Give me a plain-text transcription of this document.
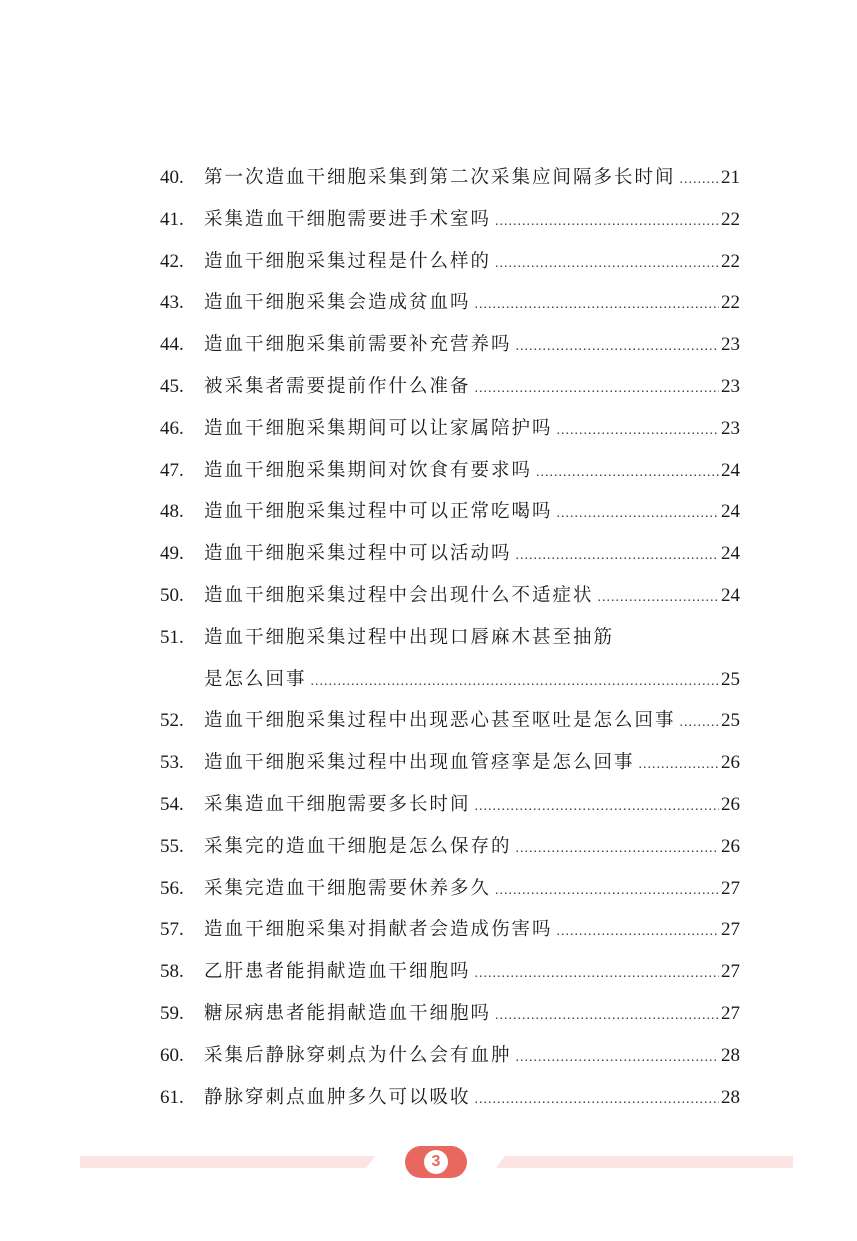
40.	第一次造血干细胞采集到第二次采集应间隔多长时间 ..... 21
41.	采集造血干细胞需要进手术室吗 .....	22
42.	造血干细胞采集过程是什么样的 .....	22
43.	造血干细胞采集会造成贫血吗 .....	22
44.	造血干细胞采集前需要补充营养吗 .....	23
45.	被采集者需要提前作什么准备 .....	23
46.	造血干细胞采集期间可以让家属陪护吗 .....	23
47.	造血干细胞采集期间对饮食有要求吗 .....	24
48.	造血干细胞采集过程中可以正常吃喝吗 .....	24
49.	造血干细胞采集过程中可以活动吗 .....	24
50.	造血干细胞采集过程中会出现什么不适症状 .....	24
51.	造血干细胞采集过程中出现口唇麻木甚至抽筋
是怎么回事 .....	25
52.	造血干细胞采集过程中出现恶心甚至呕吐是怎么回事 ..... 25
53.	造血干细胞采集过程中出现血管痉挛是怎么回事 .....	26
54.	采集造血干细胞需要多长时间 .....	26
55.	采集完的造血干细胞是怎么保存的 .....	26
56.	采集完造血干细胞需要休养多久 .....	27
57.	造血干细胞采集对捐献者会造成伤害吗 .....	27
58.	乙肝患者能捐献造血干细胞吗 .....	27
59.	糖尿病患者能捐献造血干细胞吗 .....	27
60.	采集后静脉穿刺点为什么会有血肿 .....	28
61.	静脉穿刺点血肿多久可以吸收 .....	28
3
